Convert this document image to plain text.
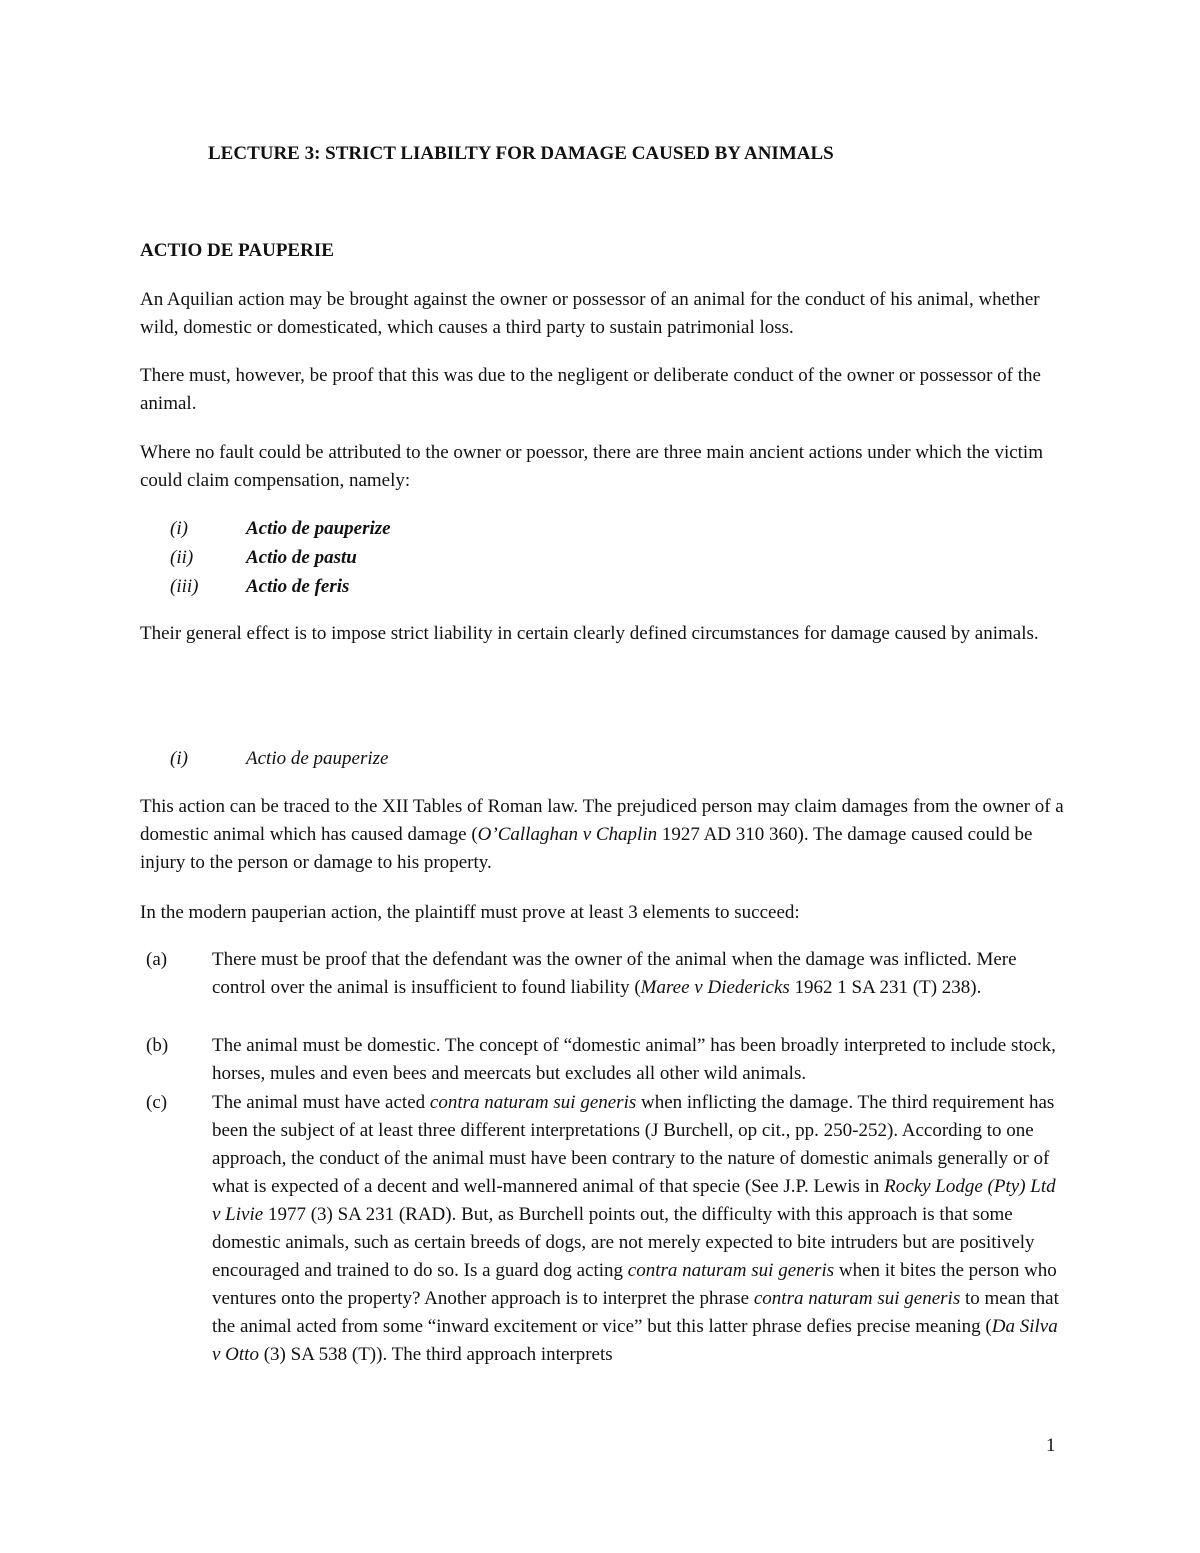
LECTURE 3: STRICT LIABILTY FOR DAMAGE CAUSED BY ANIMALS

ACTIO DE PAUPERIE

An Aquilian action may be brought against the owner or possessor of an animal for the conduct of his animal, whether wild, domestic or domesticated, which causes a third party to sustain patrimonial loss.

There must, however, be proof that this was due to the negligent or deliberate conduct of the owner or possessor of the animal.

Where no fault could be attributed to the owner or poessor, there are three main ancient actions under which the victim could claim compensation, namely:

(i)	Actio de pauperize
(ii)	Actio de pastu
(iii)	Actio de feris

Their general effect is to impose strict liability in certain clearly defined circumstances for damage caused by animals.

(i)	Actio de pauperize

This action can be traced to the XII Tables of Roman law. The prejudiced person may claim damages from the owner of a domestic animal which has caused damage (O’Callaghan v Chaplin 1927 AD 310 360). The damage caused could be injury to the person or damage to his property.

In the modern pauperian action, the plaintiff must prove at least 3 elements to succeed:

(a) There must be proof that the defendant was the owner of the animal when the damage was inflicted. Mere control over the animal is insufficient to found liability (Maree v Diedericks 1962 1 SA 231 (T) 238).

(b) The animal must be domestic. The concept of “domestic animal” has been broadly interpreted to include stock, horses, mules and even bees and meercats but excludes all other wild animals.

(c) The animal must have acted contra naturam sui generis when inflicting the damage. The third requirement has been the subject of at least three different interpretations (J Burchell, op cit., pp. 250-252). According to one approach, the conduct of the animal must have been contrary to the nature of domestic animals generally or of what is expected of a decent and well-mannered animal of that specie (See J.P. Lewis in Rocky Lodge (Pty) Ltd v Livie 1977 (3) SA 231 (RAD). But, as Burchell points out, the difficulty with this approach is that some domestic animals, such as certain breeds of dogs, are not merely expected to bite intruders but are positively encouraged and trained to do so. Is a guard dog acting contra naturam sui generis when it bites the person who ventures onto the property? Another approach is to interpret the phrase contra naturam sui generis to mean that the animal acted from some “inward excitement or vice” but this latter phrase defies precise meaning (Da Silva v Otto (3) SA 538 (T)). The third approach interprets

1
